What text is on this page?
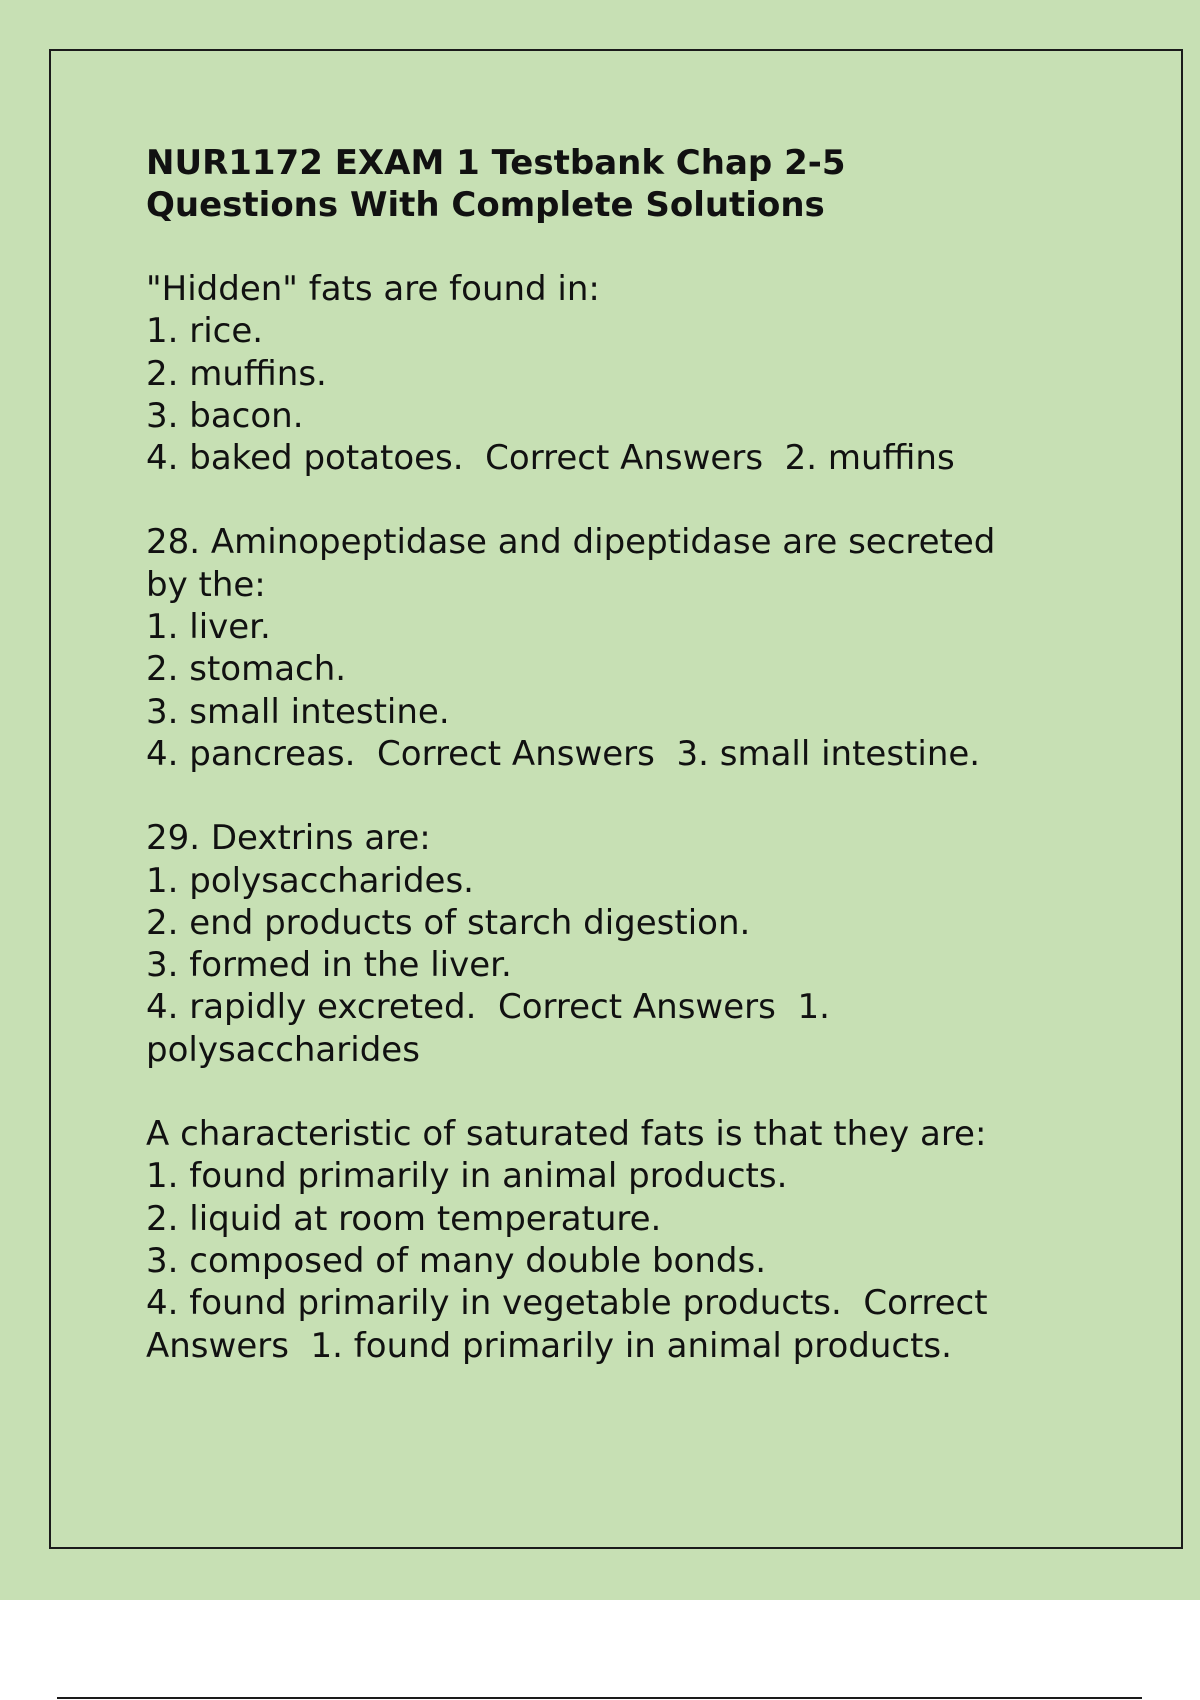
NUR1172 EXAM 1 Testbank Chap 2-5
Questions With Complete Solutions
"Hidden" fats are found in:
1. rice.
2. muffins.
3. bacon.
4. baked potatoes.  Correct Answers  2. muffins
28. Aminopeptidase and dipeptidase are secreted
by the:
1. liver.
2. stomach.
3. small intestine.
4. pancreas.  Correct Answers  3. small intestine.
29. Dextrins are:
1. polysaccharides.
2. end products of starch digestion.
3. formed in the liver.
4. rapidly excreted.  Correct Answers  1.
polysaccharides
A characteristic of saturated fats is that they are:
1. found primarily in animal products.
2. liquid at room temperature.
3. composed of many double bonds.
4. found primarily in vegetable products.  Correct
Answers  1. found primarily in animal products.
